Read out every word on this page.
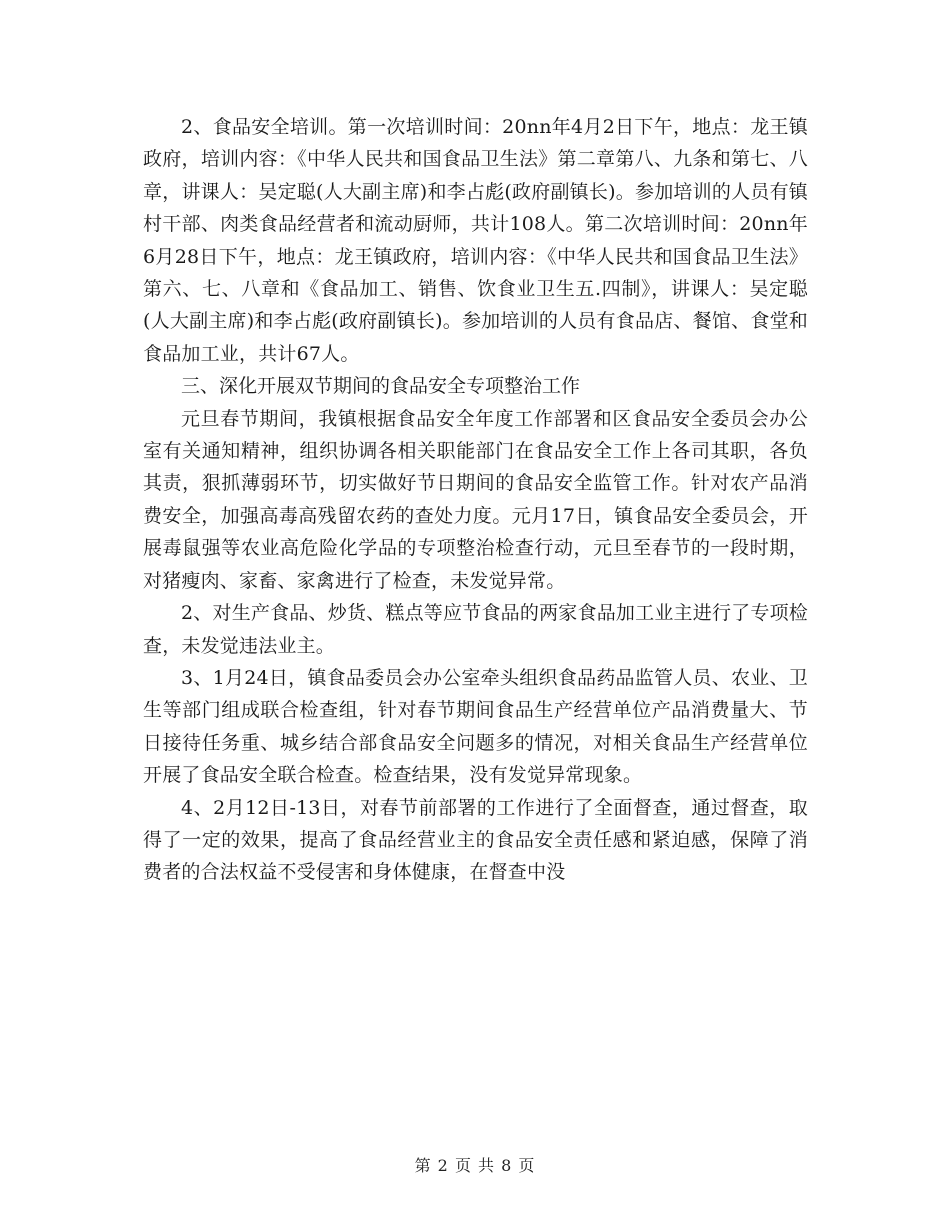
2、食品安全培训。第一次培训时间：20nn年4月2日下午，地点：龙王镇政府，培训内容：《中华人民共和国食品卫生法》第二章第八、九条和第七、八章，讲课人：吴定聪(人大副主席)和李占彪(政府副镇长)。参加培训的人员有镇村干部、肉类食品经营者和流动厨师，共计108人。第二次培训时间：20nn年6月28日下午，地点：龙王镇政府，培训内容：《中华人民共和国食品卫生法》第六、七、八章和《食品加工、销售、饮食业卫生五.四制》，讲课人：吴定聪(人大副主席)和李占彪(政府副镇长)。参加培训的人员有食品店、餐馆、食堂和食品加工业，共计67人。

三、深化开展双节期间的食品安全专项整治工作

元旦春节期间，我镇根据食品安全年度工作部署和区食品安全委员会办公室有关通知精神，组织协调各相关职能部门在食品安全工作上各司其职，各负其责，狠抓薄弱环节，切实做好节日期间的食品安全监管工作。针对农产品消费安全，加强高毒高残留农药的查处力度。元月17日，镇食品安全委员会，开展毒鼠强等农业高危险化学品的专项整治检查行动，元旦至春节的一段时期，对猪瘦肉、家畜、家禽进行了检查，未发觉异常。

2、对生产食品、炒货、糕点等应节食品的两家食品加工业主进行了专项检查，未发觉违法业主。

3、1月24日，镇食品委员会办公室牵头组织食品药品监管人员、农业、卫生等部门组成联合检查组，针对春节期间食品生产经营单位产品消费量大、节日接待任务重、城乡结合部食品安全问题多的情况，对相关食品生产经营单位开展了食品安全联合检查。检查结果，没有发觉异常现象。

4、2月12日-13日，对春节前部署的工作进行了全面督查，通过督查，取得了一定的效果，提高了食品经营业主的食品安全责任感和紧迫感，保障了消费者的合法权益不受侵害和身体健康，在督查中没

第 2 页 共 8 页
